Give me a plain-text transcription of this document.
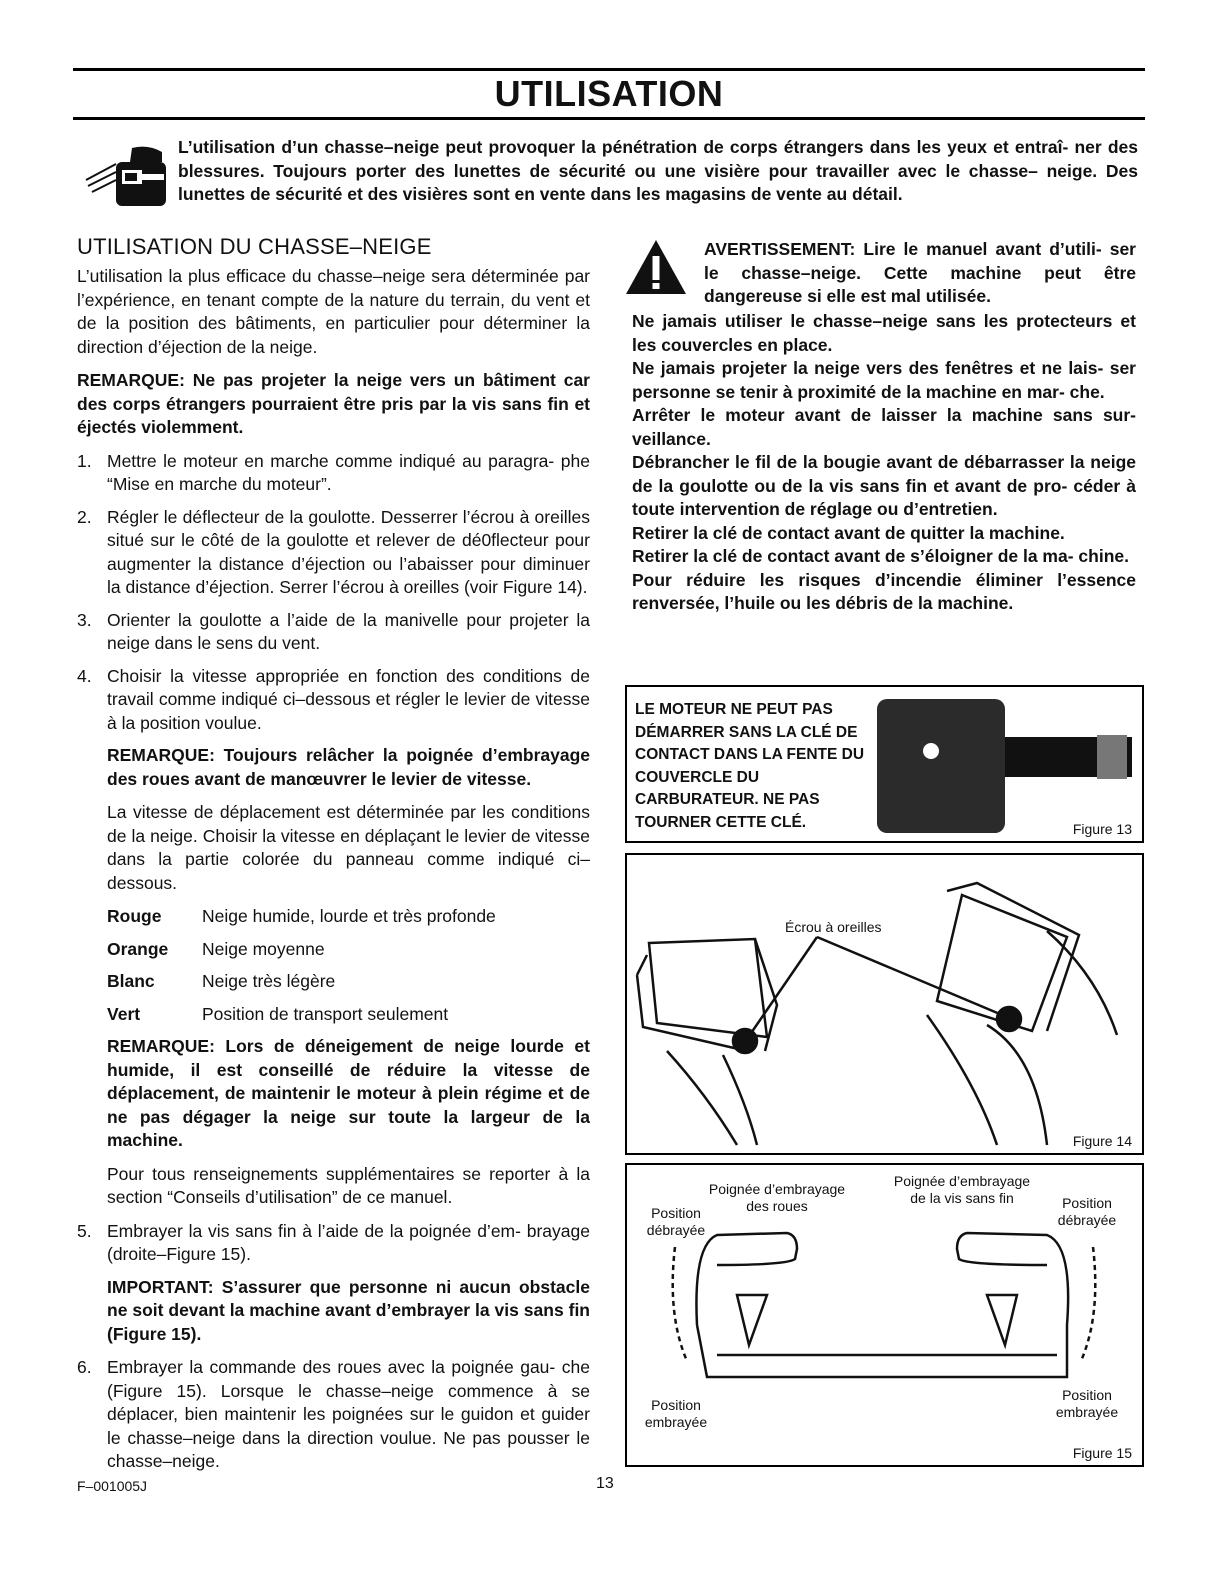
UTILISATION
L’utilisation d’un chasse–neige peut provoquer la pénétration de corps étrangers dans les yeux et entraî- ner des blessures. Toujours porter des lunettes de sécurité ou une visière pour travailler avec le chasse– neige. Des lunettes de sécurité et des visières sont en vente dans les magasins de vente au détail.
UTILISATION DU CHASSE–NEIGE

L’utilisation la plus efficace du chasse–neige sera déterminée par l’expérience, en tenant compte de la nature du terrain, du vent et de la position des bâtiments, en particulier pour déterminer la direction d’éjection de la neige.

REMARQUE: Ne pas projeter la neige vers un bâtiment car des corps étrangers pourraient être pris par la vis sans fin et éjectés violemment.

1. Mettre le moteur en marche comme indiqué au paragra- phe “Mise en marche du moteur”.
2. Régler le déflecteur de la goulotte. Desserrer l’écrou à oreilles situé sur le côté de la goulotte et relever de dé0flecteur pour augmenter la distance d’éjection ou l’abaisser pour diminuer la distance d’éjection. Serrer l’écrou à oreilles (voir Figure 14).
3. Orienter la goulotte a l’aide de la manivelle pour projeter la neige dans le sens du vent.
4. Choisir la vitesse appropriée en fonction des conditions de travail comme indiqué ci–dessous et régler le levier de vitesse à la position voulue.

REMARQUE: Toujours relâcher la poignée d’embrayage des roues avant de manœuvrer le levier de vitesse.

La vitesse de déplacement est déterminée par les conditions de la neige. Choisir la vitesse en déplaçant le levier de vitesse dans la partie colorée du panneau comme indiqué ci–dessous.

Rouge	Neige humide, lourde et très profonde
Orange	Neige moyenne
Blanc	Neige très légère
Vert	Position de transport seulement

REMARQUE: Lors de déneigement de neige lourde et humide, il est conseillé de réduire la vitesse de déplacement, de maintenir le moteur à plein régime et de ne pas dégager la neige sur toute la largeur de la machine.

Pour tous renseignements supplémentaires se reporter à la section “Conseils d’utilisation” de ce manuel.

5. Embrayer la vis sans fin à l’aide de la poignée d’em- brayage (droite–Figure 15).

IMPORTANT: S’assurer que personne ni aucun obstacle ne soit devant la machine avant d’embrayer la vis sans fin (Figure 15).

6. Embrayer la commande des roues avec la poignée gau- che (Figure 15). Lorsque le chasse–neige commence à se déplacer, bien maintenir les poignées sur le guidon et guider le chasse–neige dans la direction voulue. Ne pas pousser le chasse–neige.
AVERTISSEMENT: Lire le manuel avant d’utili- ser le chasse–neige. Cette machine peut être dangereuse si elle est mal utilisée.

Ne jamais utiliser le chasse–neige sans les protecteurs et les couvercles en place.

Ne jamais projeter la neige vers des fenêtres et ne lais- ser personne se tenir à proximité de la machine en mar- che.

Arrêter le moteur avant de laisser la machine sans sur- veillance.

Débrancher le fil de la bougie avant de débarrasser la neige de la goulotte ou de la vis sans fin et avant de pro- céder à toute intervention de réglage ou d’entretien.

Retirer la clé de contact avant de quitter la machine.

Retirer la clé de contact avant de s’éloigner de la ma- chine.

Pour réduire les risques d’incendie éliminer l’essence renversée, l’huile ou les débris de la machine.

LE MOTEUR NE PEUT PAS DÉMARRER SANS LA CLÉ DE CONTACT DANS LA FENTE DU COUVERCLE DU CARBURATEUR. NE PAS TOURNER CETTE CLÉ.	Figure 13
Écrou à oreilles
Figure 14
Poignée d’embrayage des roues
Poignée d’embrayage de la vis sans fin
Position débrayée
Position débrayée
Position embrayée
Position embrayée
Figure 15
F–001005J	13
